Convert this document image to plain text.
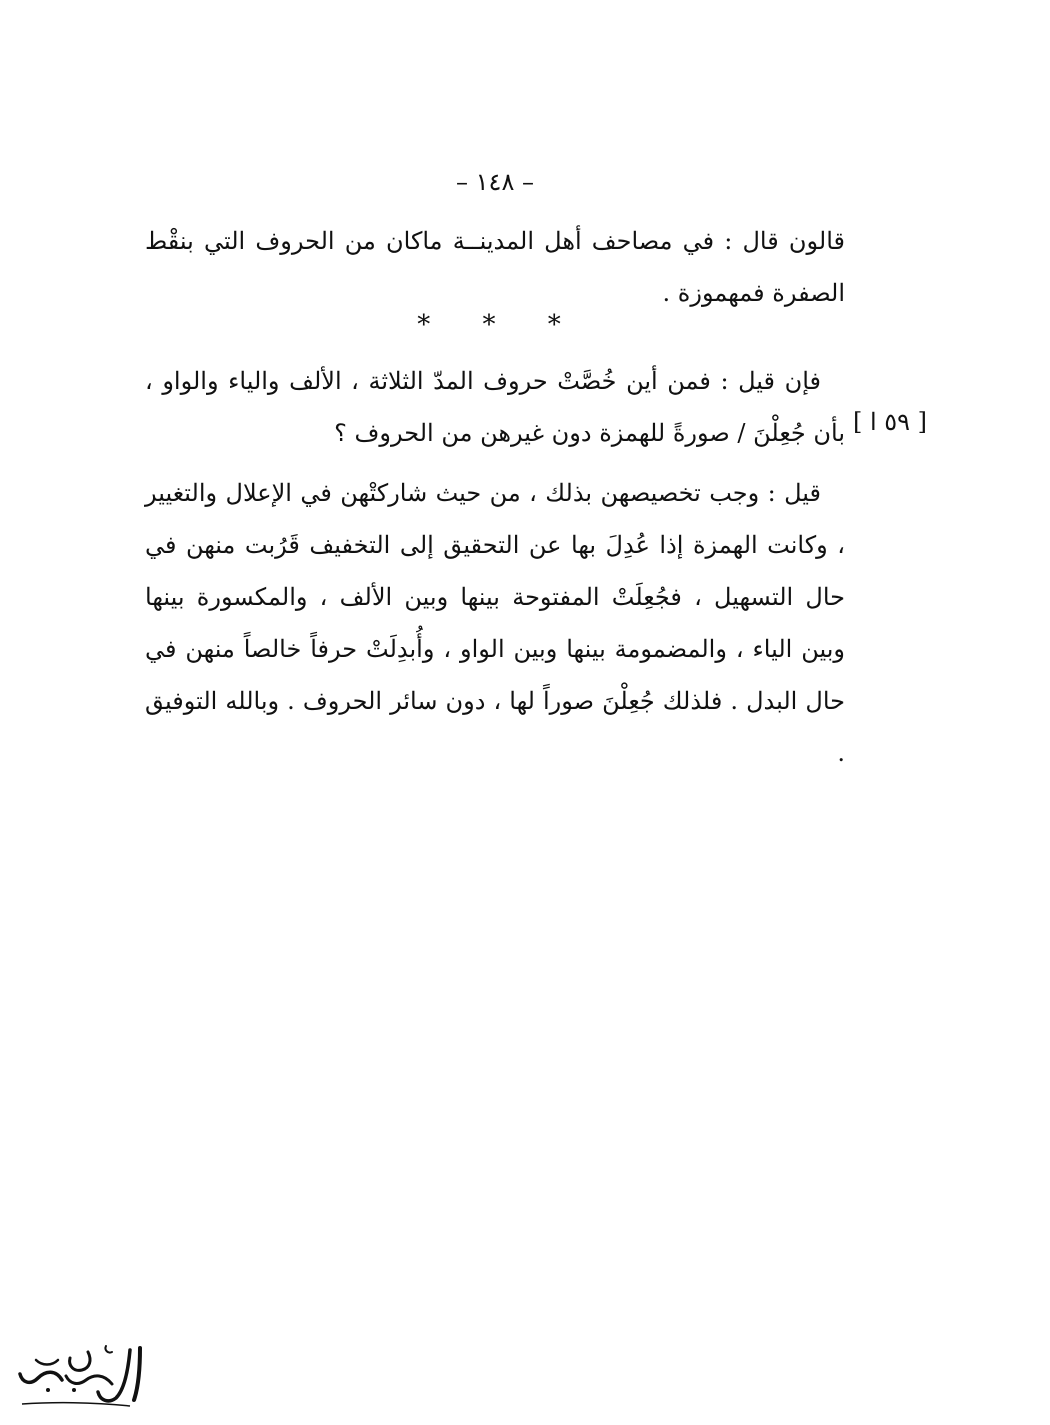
– ١٤٨ –

قالون قال : في مصاحف أهل المدينــة ماكان من الحروف التي بنقْط الصفرة فمهموزة .

* * *

فإن قيل : فمن أين خُصَّتْ حروف المدّ الثلاثة ، الألف والياء والواو ، بأن جُعِلْنَ / صورةً للهمزة دون غيرهن من الحروف ؟ [ ٥٩ ا ]

قيل : وجب تخصيصهن بذلك ، من حيث شاركتْهن في الإعلال والتغيير ، وكانت الهمزة إذا عُدِلَ بها عن التحقيق إلى التخفيف قَرُبت منهن في حال التسهيل ، فجُعِلَتْ المفتوحة بينها وبين الألف ، والمكسورة بينها وبين الياء ، والمضمومة بينها وبين الواو ، وأُبدِلَتْ حرفاً خالصاً منهن في حال البدل . فلذلك جُعِلْنَ صوراً لها ، دون سائر الحروف . وبالله التوفيق .
